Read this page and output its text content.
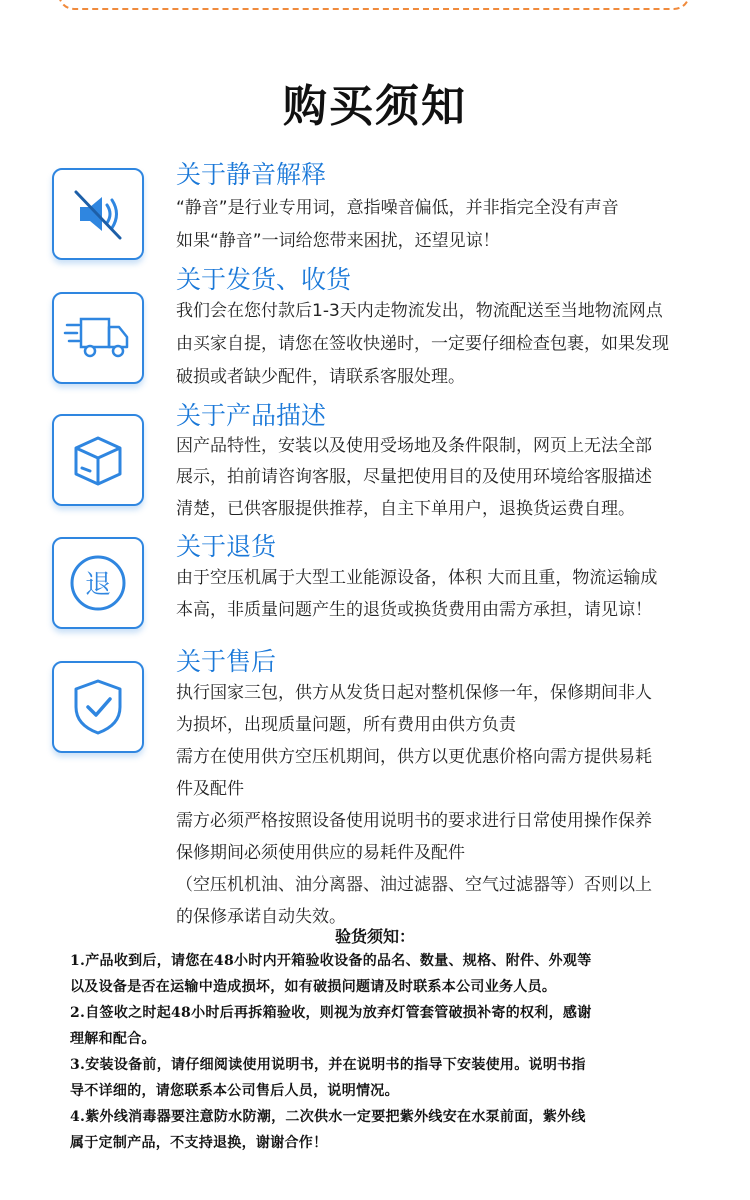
购买须知
关于静音解释
“静音”是行业专用词，意指噪音偏低，并非指完全没有声音
如果“静音”一词给您带来困扰，还望见谅！
关于发货、收货
我们会在您付款后1-3天内走物流发出，物流配送至当地物流网点
由买家自提，请您在签收快递时，一定要仔细检查包裹，如果发现
破损或者缺少配件，请联系客服处理。
关于产品描述
因产品特性，安装以及使用受场地及条件限制，网页上无法全部
展示，拍前请咨询客服，尽量把使用目的及使用环境给客服描述
清楚，已供客服提供推荐，自主下单用户，退换货运费自理。
退
关于退货
由于空压机属于大型工业能源设备，体积 大而且重，物流运输成
本高，非质量问题产生的退货或换货费用由需方承担，请见谅！
关于售后
执行国家三包，供方从发货日起对整机保修一年，保修期间非人
为损坏，出现质量问题，所有费用由供方负责
需方在使用供方空压机期间，供方以更优惠价格向需方提供易耗
件及配件
需方必须严格按照设备使用说明书的要求进行日常使用操作保养
保修期间必须使用供应的易耗件及配件
（空压机机油、油分离器、油过滤器、空气过滤器等）否则以上
的保修承诺自动失效。
验货须知：
1.产品收到后，请您在48小时内开箱验收设备的品名、数量、规格、附件、外观等
以及设备是否在运输中造成损坏，如有破损问题请及时联系本公司业务人员。
2.自签收之时起48小时后再拆箱验收，则视为放弃灯管套管破损补寄的权利，感谢
理解和配合。
3.安装设备前，请仔细阅读使用说明书，并在说明书的指导下安装使用。说明书指
导不详细的，请您联系本公司售后人员，说明情况。
4.紫外线消毒器要注意防水防潮，二次供水一定要把紫外线安在水泵前面，紫外线
属于定制产品，不支持退换，谢谢合作！
